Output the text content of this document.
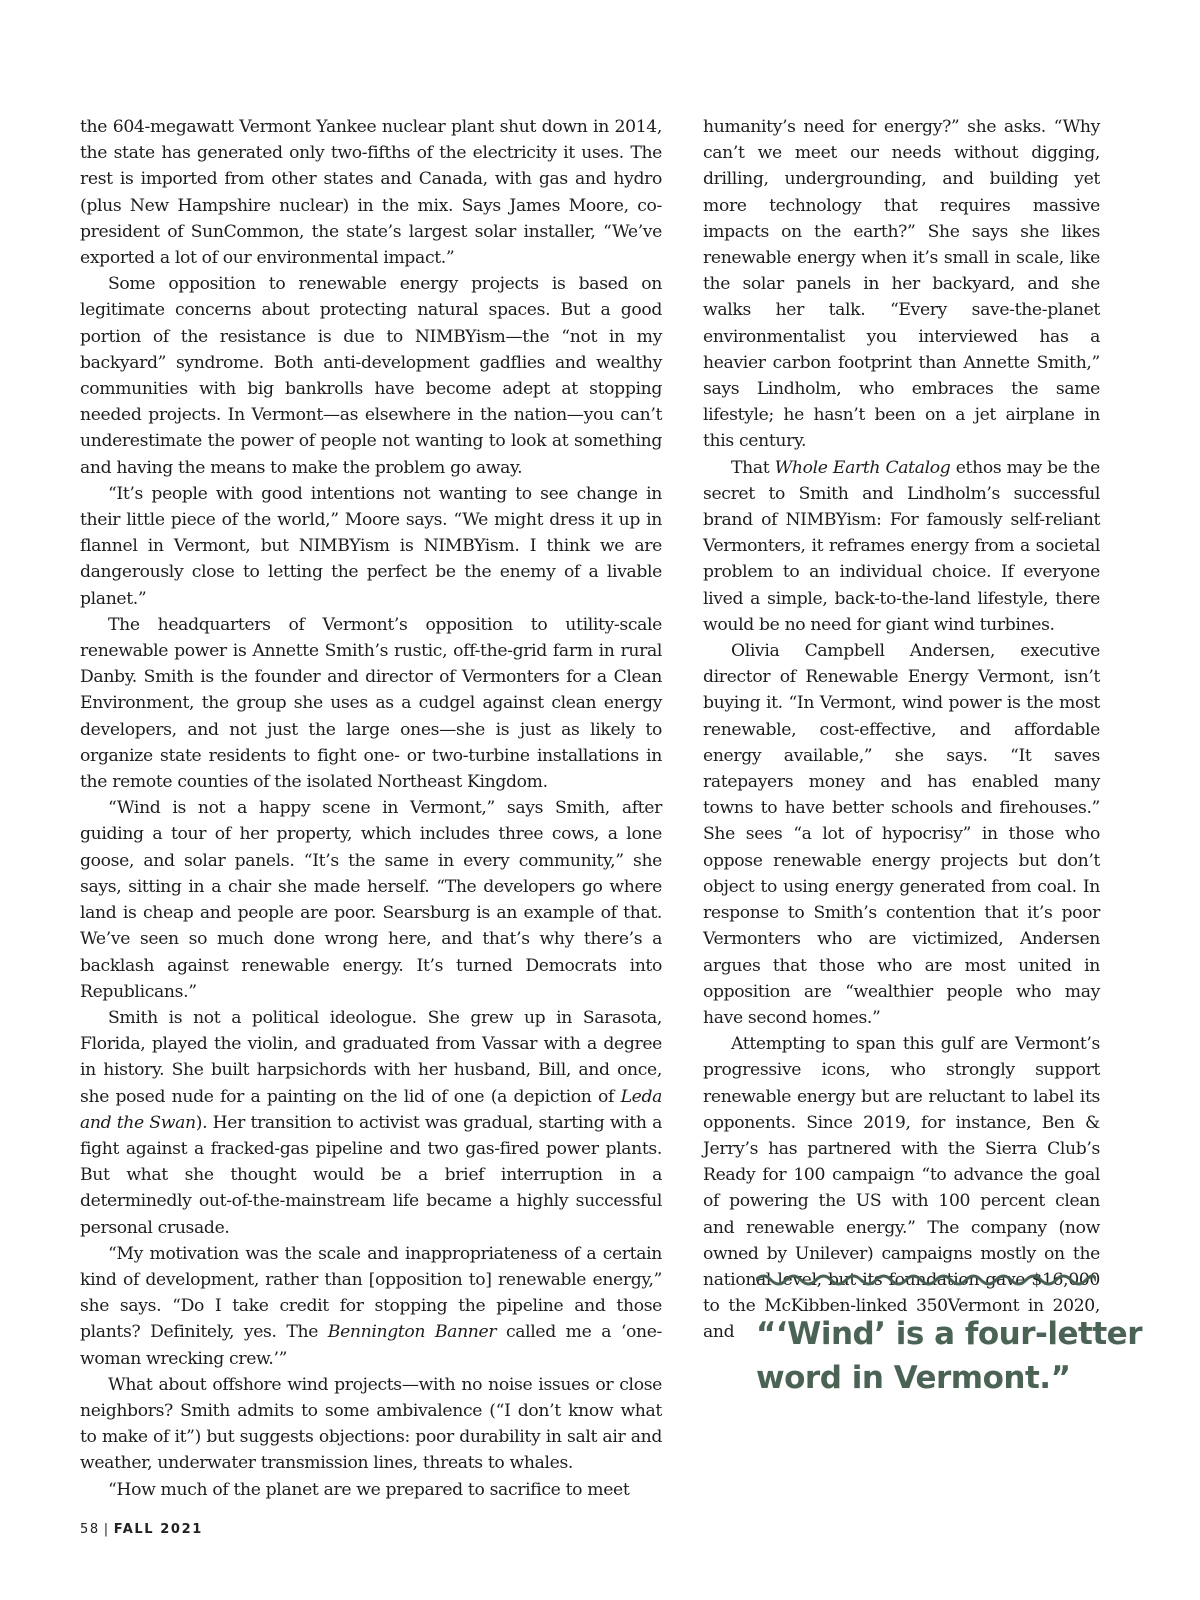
the 604-megawatt Vermont Yankee nuclear plant shut down in 2014, the state has generated only two-fifths of the electricity it uses. The rest is imported from other states and Canada, with gas and hydro (plus New Hampshire nuclear) in the mix. Says James Moore, co-president of SunCommon, the state’s largest solar installer, “We’ve exported a lot of our environmental impact.”

Some opposition to renewable energy projects is based on legitimate concerns about protecting natural spaces. But a good portion of the resistance is due to NIMBYism—the “not in my backyard” syndrome. Both anti-development gadflies and wealthy communities with big bankrolls have become adept at stopping needed projects. In Vermont—as elsewhere in the nation—you can’t underestimate the power of people not wanting to look at something and having the means to make the problem go away.

“It’s people with good intentions not wanting to see change in their little piece of the world,” Moore says. “We might dress it up in flannel in Vermont, but NIMBYism is NIMBYism. I think we are dangerously close to letting the perfect be the enemy of a livable planet.”

The headquarters of Vermont’s opposition to utility-scale renewable power is Annette Smith’s rustic, off-the-grid farm in rural Danby. Smith is the founder and director of Vermonters for a Clean Environment, the group she uses as a cudgel against clean energy developers, and not just the large ones—she is just as likely to organize state residents to fight one- or two-turbine installations in the remote counties of the isolated Northeast Kingdom.

“Wind is not a happy scene in Vermont,” says Smith, after guiding a tour of her property, which includes three cows, a lone goose, and solar panels. “It’s the same in every community,” she says, sitting in a chair she made herself. “The developers go where land is cheap and people are poor. Searsburg is an example of that. We’ve seen so much done wrong here, and that’s why there’s a backlash against renewable energy. It’s turned Democrats into Republicans.”

Smith is not a political ideologue. She grew up in Sarasota, Florida, played the violin, and graduated from Vassar with a degree in history. She built harpsichords with her husband, Bill, and once, she posed nude for a painting on the lid of one (a depiction of Leda and the Swan). Her transition to activist was gradual, starting with a fight against a fracked-gas pipeline and two gas-fired power plants. But what she thought would be a brief interruption in a determinedly out-of-the-mainstream life became a highly successful personal crusade.

“My motivation was the scale and inappropriateness of a certain kind of development, rather than [opposition to] renewable energy,” she says. “Do I take credit for stopping the pipeline and those plants? Definitely, yes. The Bennington Banner called me a ‘one-woman wrecking crew.’”

What about offshore wind projects—with no noise issues or close neighbors? Smith admits to some ambivalence (“I don’t know what to make of it”) but suggests objections: poor durability in salt air and weather, underwater transmission lines, threats to whales.

“How much of the planet are we prepared to sacrifice to meet

humanity’s need for energy?” she asks. “Why can’t we meet our needs without digging, drilling, undergrounding, and building yet more technology that requires massive impacts on the earth?” She says she likes renewable energy when it’s small in scale, like the solar panels in her backyard, and she walks her talk. “Every save-the-planet environmentalist you interviewed has a heavier carbon footprint than Annette Smith,” says Lindholm, who embraces the same lifestyle; he hasn’t been on a jet airplane in this century.

That Whole Earth Catalog ethos may be the secret to Smith and Lindholm’s successful brand of NIMBYism: For famously self-reliant Vermonters, it reframes energy from a societal problem to an individual choice. If everyone lived a simple, back-to-the-land lifestyle, there would be no need for giant wind turbines.

Olivia Campbell Andersen, executive director of Renewable Energy Vermont, isn’t buying it. “In Vermont, wind power is the most renewable, cost-effective, and affordable energy available,” she says. “It saves ratepayers money and has enabled many towns to have better schools and firehouses.” She sees “a lot of hypocrisy” in those who oppose renewable energy projects but don’t object to using energy generated from coal. In response to Smith’s contention that it’s poor Vermonters who are victimized, Andersen argues that those who are most united in opposition are “wealthier people who may have second homes.”

Attempting to span this gulf are Vermont’s progressive icons, who strongly support renewable energy but are reluctant to label its opponents. Since 2019, for instance, Ben & Jerry’s has partnered with the Sierra Club’s Ready for 100 campaign “to advance the goal of powering the US with 100 percent clean and renewable energy.” The company (now owned by Unilever) campaigns mostly on the national level, but its foundation gave $16,000 to the McKibben-linked 350Vermont in 2020, and “‘Wind’ is a four-letter
word in Vermont.”
58 | FALL 2021
